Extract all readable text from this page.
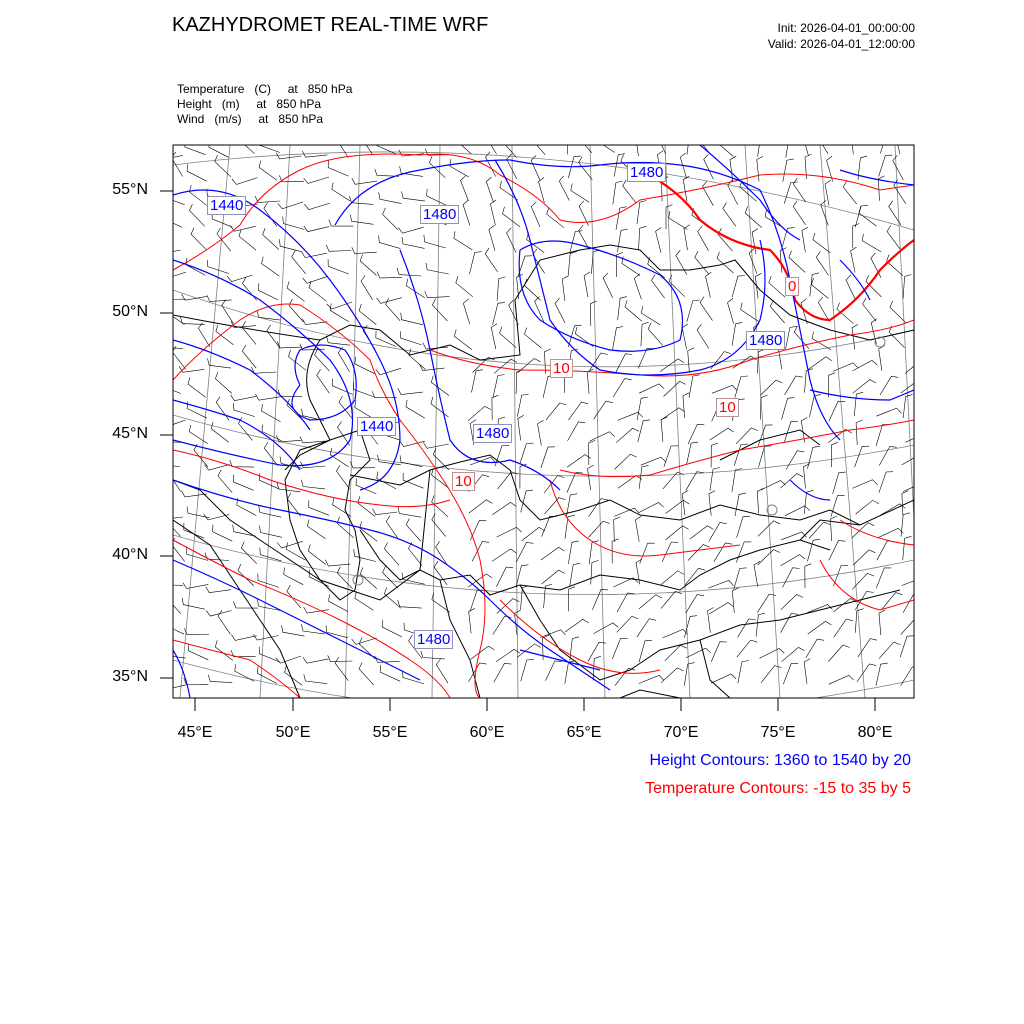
KAZHYDROMET REAL-TIME WRF	Init: 2026-04-01_00:00:00
Valid: 2026-04-01_12:00:00
Temperature   (C)     at   850 hPa
Height   (m)     at   850 hPa
Wind   (m/s)     at   850 hPa
1440
1480
1480
1480
1440	1480
1480
0
10
10
10
55°N
50°N
45°N
40°N
35°N
45°E	50°E	55°E	60°E	65°E	70°E	75°E	80°E
Height Contours: 1360 to 1540 by 20
Temperature Contours: -15 to 35 by 5
